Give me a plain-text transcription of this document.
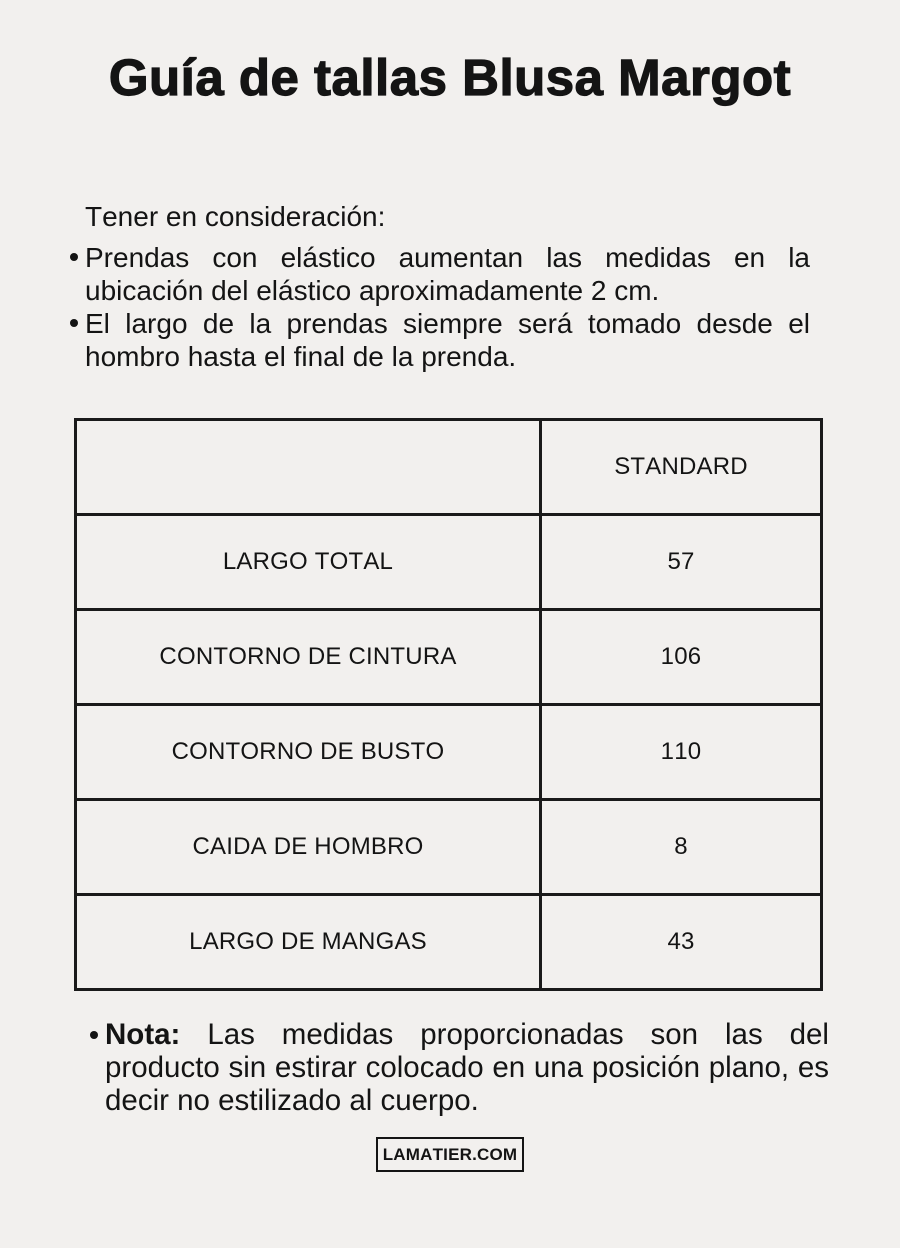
Guía de tallas Blusa Margot

Tener en consideración:

Prendas con elástico aumentan las medidas en la ubicación del elástico aproximadamente 2 cm.

El largo de la prendas siempre será tomado desde el hombro hasta el final de la prenda.

	STANDARD
LARGO TOTAL	57
CONTORNO DE CINTURA	106
CONTORNO DE BUSTO	110
CAIDA DE HOMBRO	8
LARGO DE MANGAS	43

Nota: Las medidas proporcionadas son las del producto sin estirar colocado en una posición plano, es decir no estilizado al cuerpo.

LAMATIER.COM
